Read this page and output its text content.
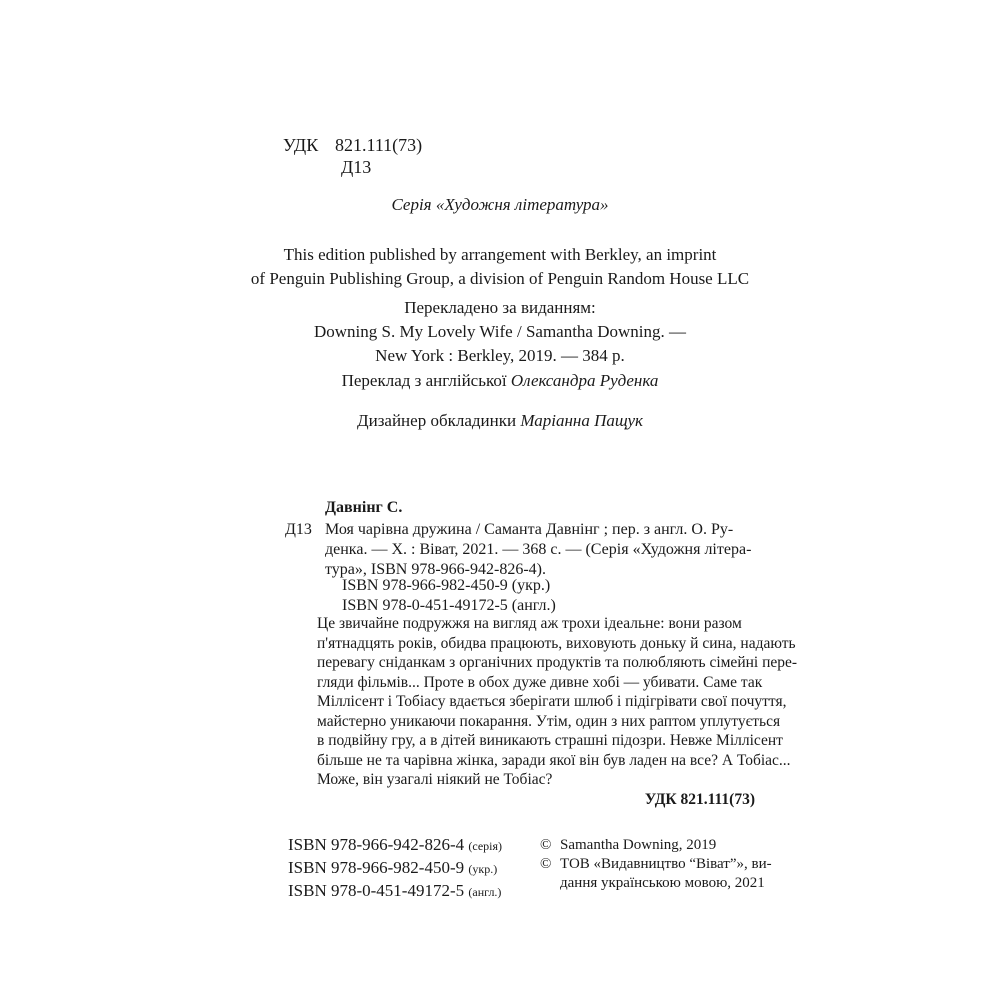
УДК 821.111(73)
Д13
Серія «Художня література»
This edition published by arrangement with Berkley, an imprint
of Penguin Publishing Group, a division of Penguin Random House LLC
Перекладено за виданням:
Downing S. My Lovely Wife / Samantha Downing. —
New York : Berkley, 2019. — 384 p.
Переклад з англійської Олександра Руденка
Дизайнер обкладинки Маріанна Пащук
Давнінг С.
Д13 Моя чарівна дружина / Саманта Давнінг ; пер. з англ. О. Ру-
денка. — Х. : Віват, 2021. — 368 с. — (Серія «Художня літера-
тура», ISBN 978-966-942-826-4).
ISBN 978-966-982-450-9 (укр.)
ISBN 978-0-451-49172-5 (англ.)
Це звичайне подружжя на вигляд аж трохи ідеальне: вони разом
п'ятнадцять років, обидва працюють, виховують доньку й сина, надають
перевагу сніданкам з органічних продуктів та полюбляють сімейні пере-
гляди фільмів... Проте в обох дуже дивне хобі — убивати. Саме так
Міллісент і Тобіасу вдається зберігати шлюб і підігрівати свої почуття,
майстерно уникаючи покарання. Утім, один з них раптом уплутується
в подвійну гру, а в дітей виникають страшні підозри. Невже Міллісент
більше не та чарівна жінка, заради якої він був ладен на все? А Тобіас...
Може, він узагалі ніякий не Тобіас?
УДК 821.111(73)
ISBN 978-966-942-826-4 (серія)
ISBN 978-966-982-450-9 (укр.)
ISBN 978-0-451-49172-5 (англ.)
© Samantha Downing, 2019
© ТОВ «Видавництво “Віват”», ви-
дання українською мовою, 2021
